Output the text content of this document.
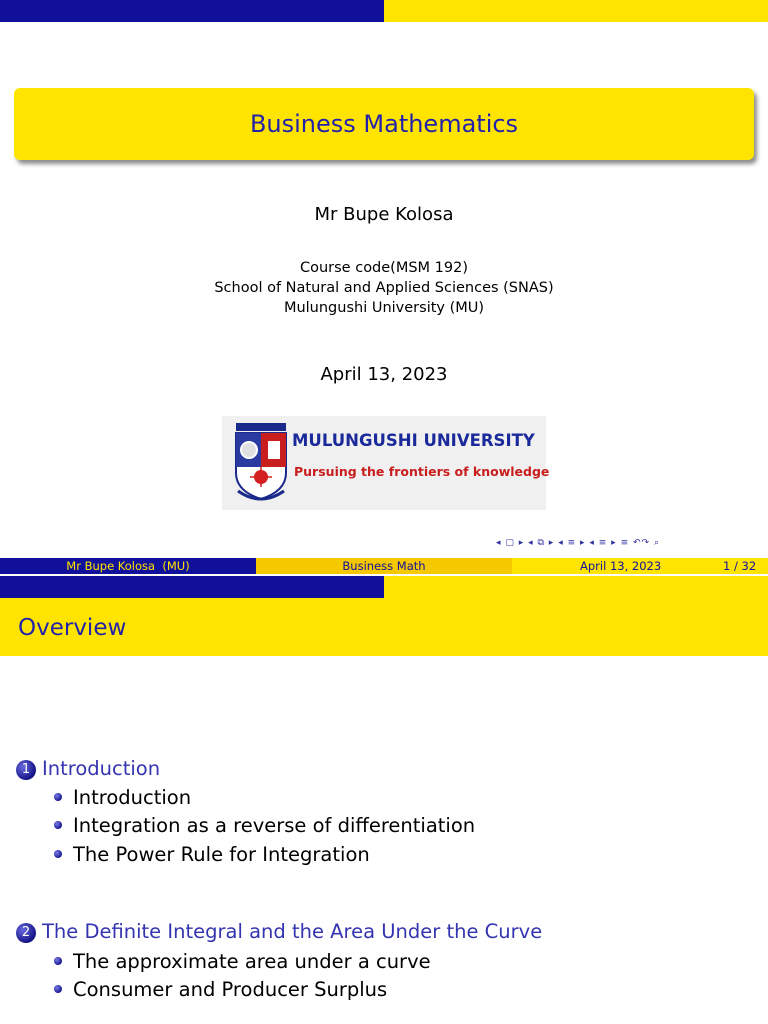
Business Mathematics
Mr Bupe Kolosa
Course code(MSM 192)
School of Natural and Applied Sciences (SNAS)
Mulungushi University (MU)
April 13, 2023
MULUNGUSHI UNIVERSITY
Pursuing the frontiers of knowledge
◂ ▢ ▸ ◂ ⧉ ▸ ◂ ≡ ▸ ◂ ≡ ▸ ≡ ↶↷ ⌕
Mr Bupe Kolosa  (MU)	Business Math	April 13, 2023	1 / 32
Overview
1 Introduction
Introduction
Integration as a reverse of differentiation
The Power Rule for Integration
2 The Definite Integral and the Area Under the Curve
The approximate area under a curve
Consumer and Producer Surplus
